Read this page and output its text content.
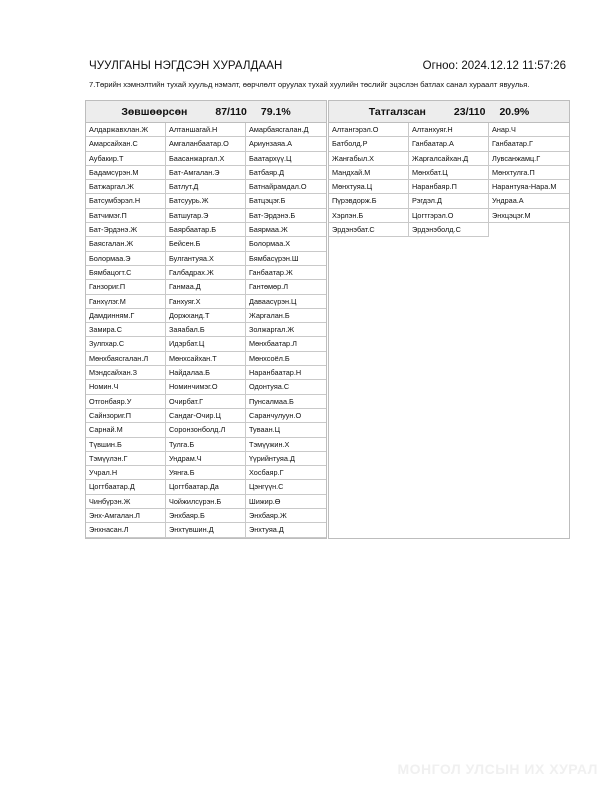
ЧУУЛГАНЫ НЭГДСЭН ХУРАЛДААН	Огноо: 2024.12.12 11:57:26
7.Төрийн хэмнэлтийн тухай хуульд нэмэлт, өөрчлөлт оруулах тухай хуулийн төслийг эцэслэн батлах санал хураалт явуулья.
Зөвшөөрсөн	87/110 79.1%
Алдаржавхлан.Ж	Алтаншагай.Н	Амарбаясгалан.Д
Амарсайхан.С	Амгаланбаатар.О	Ариунзаяа.А
Аубакир.Т	Баасанжаргал.Х	Баатархүү.Ц
Бадамсүрэн.М	Бат-Амгалан.Э	Батбаяр.Д
Батжаргал.Ж	Батлут.Д	Батнайрамдал.О
Батсумбэрэл.Н	Батсуурь.Ж	Батцэцэг.Б
Батчимэг.П	Батшугар.Э	Бат-Эрдэнэ.Б
Бат-Эрдэнэ.Ж	Баярбаатар.Б	Баярмаа.Ж
Баясгалан.Ж	Бейсен.Б	Болормаа.Х
Болормаа.Э	Булгантуяа.Х	Бямбасүрэн.Ш
Бямбацогт.С	Галбадрах.Ж	Ганбаатар.Ж
Ганзориг.П	Ганмаа.Д	Гантөмөр.Л
Ганхүлэг.М	Ганхуяг.Х	Даваасүрэн.Ц
Дамдинням.Г	Доржханд.Т	Жаргалан.Б
Замира.С	Заяабал.Б	Золжаргал.Ж
Зулпхар.С	Идэрбат.Ц	Мөнхбаатар.Л
Мөнхбаясгалан.Л	Мөнхсайхан.Т	Мөнхсоёл.Б
Мэндсайхан.З	Найдалаа.Б	Наранбаатар.Н
Номин.Ч	Номинчимэг.О	Одонтуяа.С
Отгонбаяр.У	Очирбат.Г	Пунсалмаа.Б
Сайнзориг.П	Сандаг-Очир.Ц	Саранчулуун.О
Сарнай.М	Соронзонболд.Л	Туваан.Ц
Түвшин.Б	Тулга.Б	Тэмүүжин.Х
Тэмүүлэн.Г	Ундрам.Ч	Үүрийнтуяа.Д
Учрал.Н	Уянга.Б	Хосбаяр.Г
Цогтбаатар.Д	Цогтбаатар.Да	Цэнгүүн.С
Чинбүрэн.Ж	Чойжилсүрэн.Б	Шижир.Ө
Энх-Амгалан.Л	Энхбаяр.Б	Энхбаяр.Ж
Энхнасан.Л	Энхтүвшин.Д	Энхтуяа.Д
Татгалзсан	23/110 20.9%
Алтангэрэл.О	Алтанхуяг.Н	Анар.Ч
Батболд.Р	Ганбаатар.А	Ганбаатар.Г
Жангабыл.Х	Жаргалсайхан.Д	Лувсанжамц.Г
Мандхай.М	Мөнхбат.Ц	Мөнхтулга.П
Мөнхтуяа.Ц	Наранбаяр.П	Нарантуяа-Нара.М
Пүрэвдорж.Б	Рэгдэл.Д	Ундраа.А
Хэрлэн.Б	Цогтгэрэл.О	Энхцэцэг.М
Эрдэнэбат.С	Эрдэнэболд.С
МОНГОЛ УЛСЫН ИХ ХУРАЛ
